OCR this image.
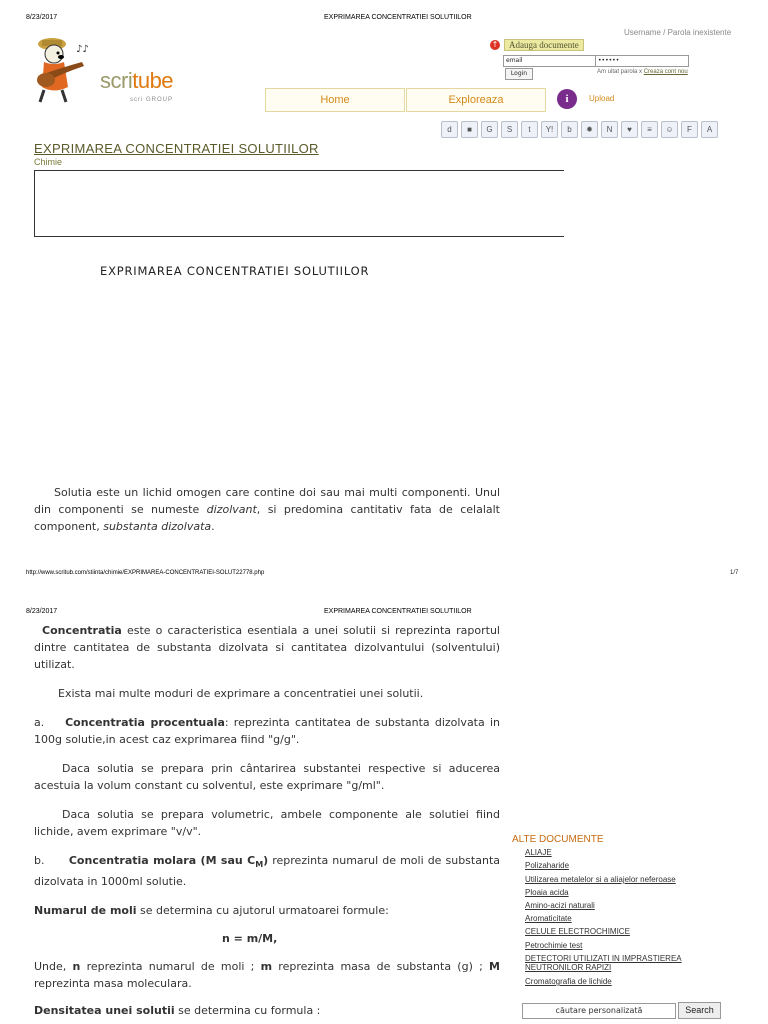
8/23/2017	EXPRIMAREA CONCENTRATIEI SOLUTIILOR
♪♪
scritube
scri GROUP
Username / Parola inexistente
↑	Adauga documente
email	••••••
Login	Am uitat parola x Creaza cont nou
Home	Exploreaza	i	Upload
d	■	G	S	t	Y!	b	✹	N	♥	≡	☺	F	A
EXPRIMAREA CONCENTRATIEI SOLUTIILOR
Chimie
EXPRIMAREA CONCENTRATIEI SOLUTIILOR
Solutia este un lichid omogen care contine doi sau mai multi componenti. Unul din componenti se numeste dizolvant, si predomina cantitativ fata de celalalt component, substanta dizolvata.
http://www.scritub.com/stiinta/chimie/EXPRIMAREA-CONCENTRATIEI-SOLUT22778.php	1/7
8/23/2017	EXPRIMAREA CONCENTRATIEI SOLUTIILOR
Concentratia este o caracteristica esentiala a unei solutii si reprezinta raportul dintre cantitatea de substanta dizolvata si cantitatea dizolvantului (solventului) utilizat.
Exista mai multe moduri de exprimare a concentratiei unei solutii.
a. Concentratia procentuala: reprezinta cantitatea de substanta dizolvata in 100g solutie,in acest caz exprimarea fiind "g/g".
Daca solutia se prepara prin cântarirea substantei respective si aducerea acestuia la volum constant cu solventul, este exprimare "g/ml".
Daca solutia se prepara volumetric, ambele componente ale solutiei fiind lichide, avem exprimare "v/v".
b. Concentratia molara (M sau $C_M$) reprezinta numarul de moli de substanta dizolvata in 1000ml solutie.
Numarul de moli se determina cu ajutorul urmatoarei formule:
n = m/M,
Unde, n reprezinta numarul de moli ; m reprezinta masa de substanta (g) ; M reprezinta masa moleculara.
Densitatea unei solutii se determina cu formula :
ALTE DOCUMENTE
ALIAJE
Polizaharide
Utilizarea metalelor si a aliajelor neferoase
Ploaia acida
Amino-acizi naturali
Aromaticitate
CELULE ELECTROCHIMICE
Petrochimie test
DETECTORI UTILIZATI IN IMPRASTIEREA NEUTRONILOR RAPIZI
Cromatografia de lichide
căutare personalizată	Search
